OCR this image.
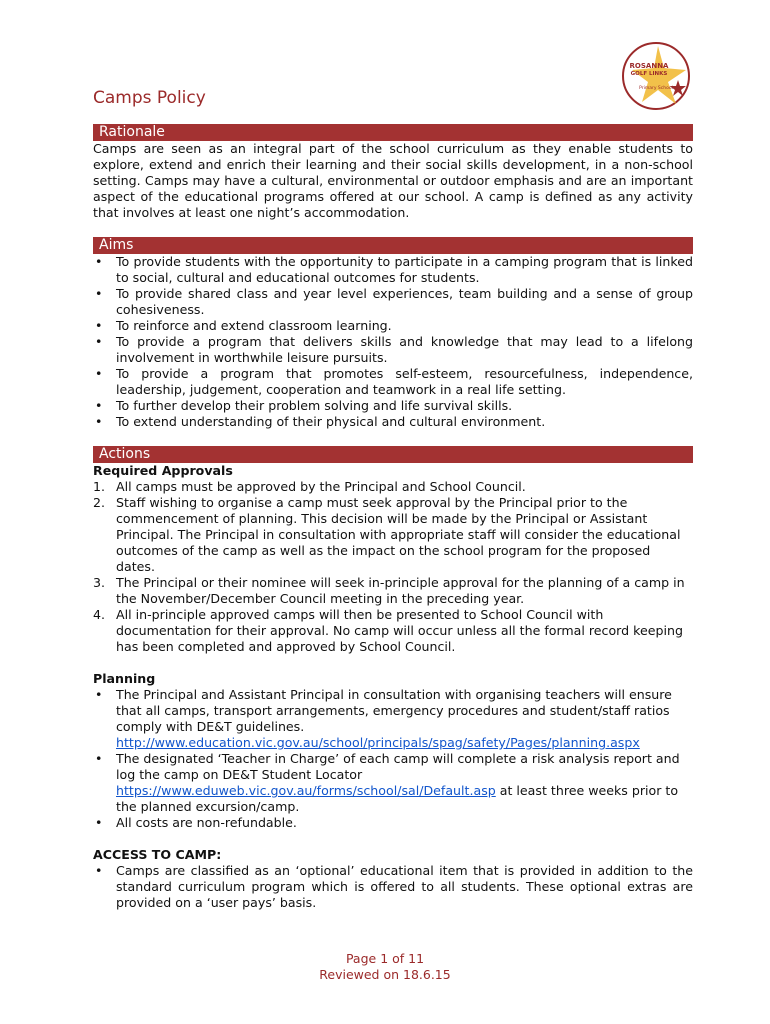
ROSANNA
GOLF LINKS
Primary School
Camps Policy
Rationale
Camps are seen as an integral part of the school curriculum as they enable students to explore, extend and enrich their learning and their social skills development, in a non-school setting. Camps may have a cultural, environmental or outdoor emphasis and are an important aspect of the educational programs offered at our school. A camp is defined as any activity that involves at least one night’s accommodation.
Aims
•	To provide students with the opportunity to participate in a camping program that is linked to social, cultural and educational outcomes for students.
•	To provide shared class and year level experiences, team building and a sense of group cohesiveness.
•	To reinforce and extend classroom learning.
•	To provide a program that delivers skills and knowledge that may lead to a lifelong involvement in worthwhile leisure pursuits.
•	To provide a program that promotes self-esteem, resourcefulness, independence, leadership, judgement, cooperation and teamwork in a real life setting.
•	To further develop their problem solving and life survival skills.
•	To extend understanding of their physical and cultural environment.
Actions
Required Approvals
1. All camps must be approved by the Principal and School Council.
2. Staff wishing to organise a camp must seek approval by the Principal prior to the commencement of planning. This decision will be made by the Principal or Assistant Principal. The Principal in consultation with appropriate staff will consider the educational outcomes of the camp as well as the impact on the school program for the proposed dates.
3. The Principal or their nominee will seek in-principle approval for the planning of a camp in the November/December Council meeting in the preceding year.
4. All in-principle approved camps will then be presented to School Council with documentation for their approval. No camp will occur unless all the formal record keeping has been completed and approved by School Council.
Planning
•	The Principal and Assistant Principal in consultation with organising teachers will ensure that all camps, transport arrangements, emergency procedures and student/staff ratios comply with DE&T guidelines.
http://www.education.vic.gov.au/school/principals/spag/safety/Pages/planning.aspx
•	The designated ‘Teacher in Charge’ of each camp will complete a risk analysis report and log the camp on DE&T Student Locator
https://www.eduweb.vic.gov.au/forms/school/sal/Default.asp at least three weeks prior to the planned excursion/camp.
•	All costs are non-refundable.
ACCESS TO CAMP:
•	Camps are classified as an ‘optional’ educational item that is provided in addition to the standard curriculum program which is offered to all students. These optional extras are provided on a ‘user pays’ basis.
Page 1 of 11
Reviewed on 18.6.15
